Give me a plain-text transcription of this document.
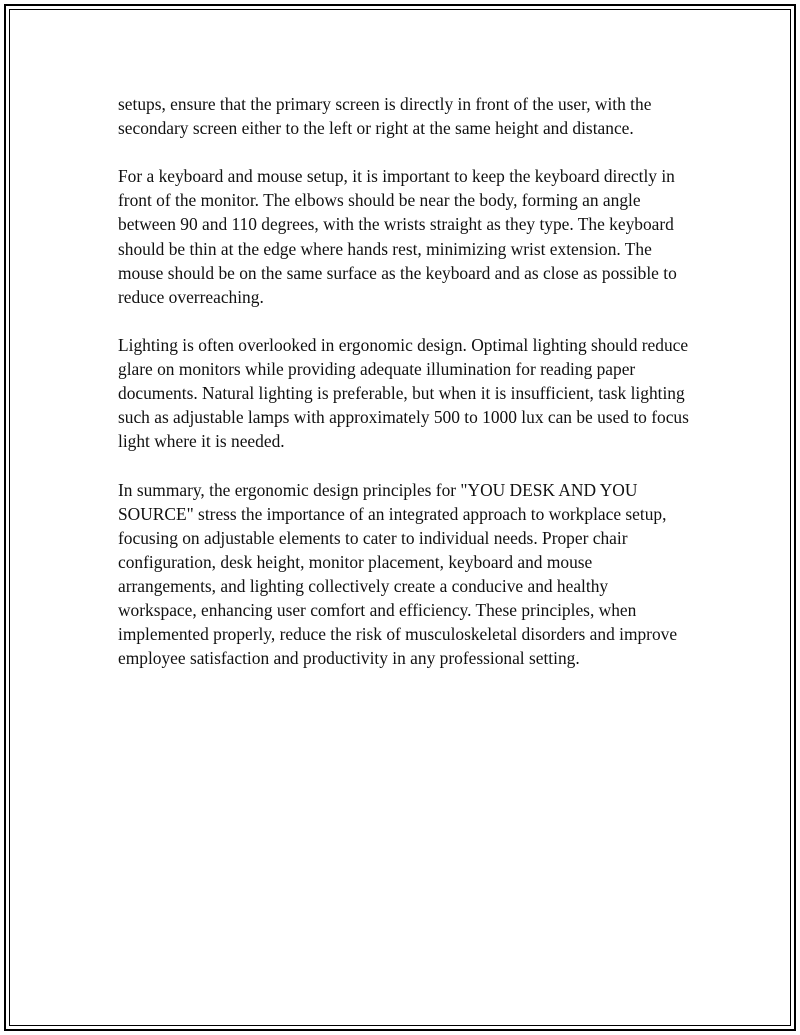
setups, ensure that the primary screen is directly in front of the user, with the secondary screen either to the left or right at the same height and distance.

For a keyboard and mouse setup, it is important to keep the keyboard directly in front of the monitor. The elbows should be near the body, forming an angle between 90 and 110 degrees, with the wrists straight as they type. The keyboard should be thin at the edge where hands rest, minimizing wrist extension. The mouse should be on the same surface as the keyboard and as close as possible to reduce overreaching.

Lighting is often overlooked in ergonomic design. Optimal lighting should reduce glare on monitors while providing adequate illumination for reading paper documents. Natural lighting is preferable, but when it is insufficient, task lighting such as adjustable lamps with approximately 500 to 1000 lux can be used to focus light where it is needed.

In summary, the ergonomic design principles for "YOU DESK AND YOU SOURCE" stress the importance of an integrated approach to workplace setup, focusing on adjustable elements to cater to individual needs. Proper chair configuration, desk height, monitor placement, keyboard and mouse arrangements, and lighting collectively create a conducive and healthy workspace, enhancing user comfort and efficiency. These principles, when implemented properly, reduce the risk of musculoskeletal disorders and improve employee satisfaction and productivity in any professional setting.
